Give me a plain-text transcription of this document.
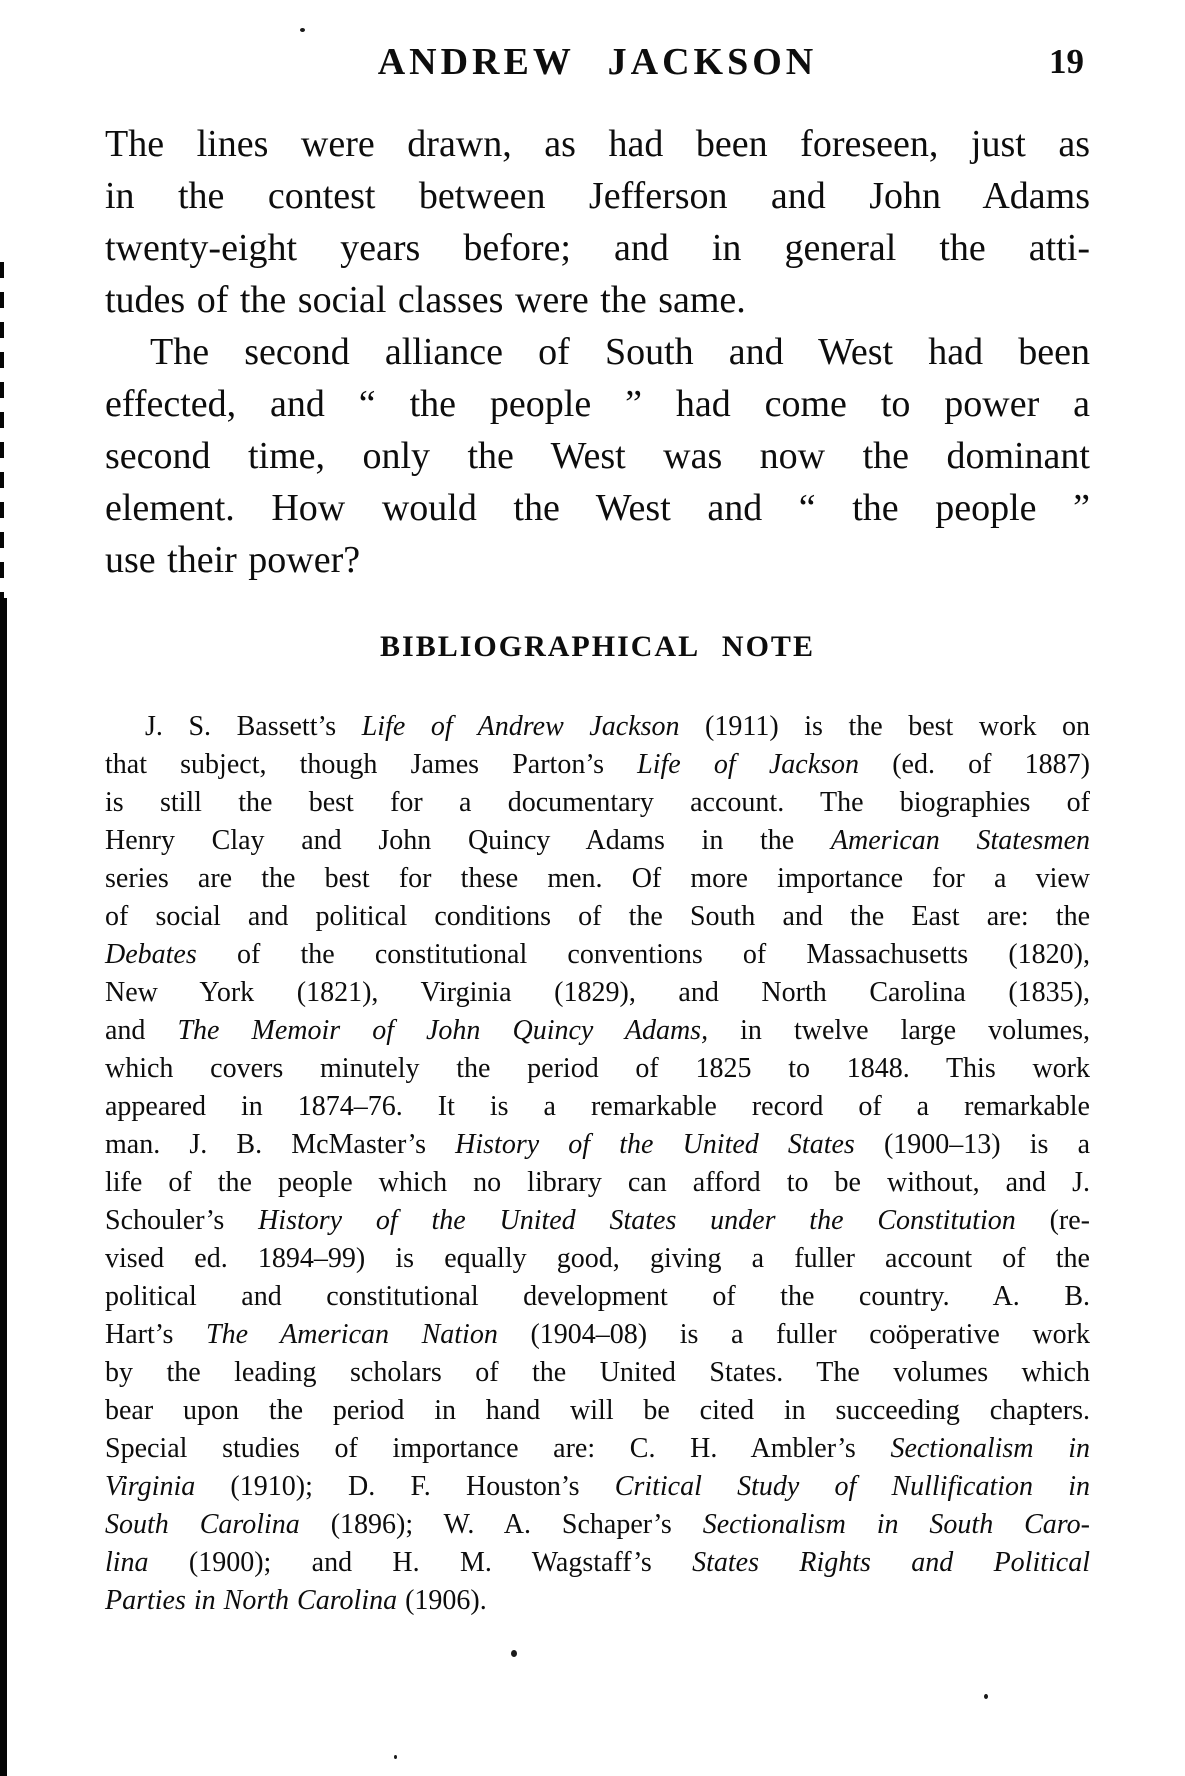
ANDREW JACKSON	19
The lines were drawn, as had been foreseen, just as
in the contest between Jefferson and John Adams
twenty-eight years before; and in general the atti-
tudes of the social classes were the same.
The second alliance of South and West had been
effected, and “ the people ” had come to power a
second time, only the West was now the dominant
element. How would the West and “ the people ”
use their power?
BIBLIOGRAPHICAL NOTE
J. S. Bassett’s Life of Andrew Jackson (1911) is the best work on
that subject, though James Parton’s Life of Jackson (ed. of 1887)
is still the best for a documentary account. The biographies of
Henry Clay and John Quincy Adams in the American Statesmen
series are the best for these men. Of more importance for a view
of social and political conditions of the South and the East are: the
Debates of the constitutional conventions of Massachusetts (1820),
New York (1821), Virginia (1829), and North Carolina (1835),
and The Memoir of John Quincy Adams, in twelve large volumes,
which covers minutely the period of 1825 to 1848. This work
appeared in 1874–76. It is a remarkable record of a remarkable
man. J. B. McMaster’s History of the United States (1900–13) is a
life of the people which no library can afford to be without, and J.
Schouler’s History of the United States under the Constitution (re-
vised ed. 1894–99) is equally good, giving a fuller account of the
political and constitutional development of the country. A. B.
Hart’s The American Nation (1904–08) is a fuller coöperative work
by the leading scholars of the United States. The volumes which
bear upon the period in hand will be cited in succeeding chapters.
Special studies of importance are: C. H. Ambler’s Sectionalism in
Virginia (1910); D. F. Houston’s Critical Study of Nullification in
South Carolina (1896); W. A. Schaper’s Sectionalism in South Caro-
lina (1900); and H. M. Wagstaff’s States Rights and Political
Parties in North Carolina (1906).
